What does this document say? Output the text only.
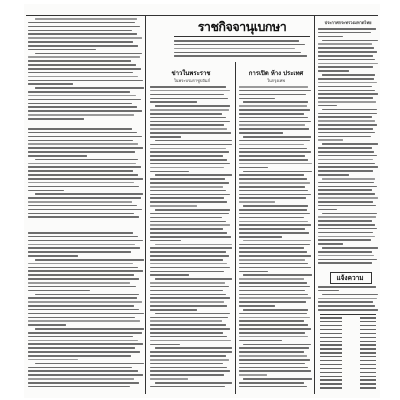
ราชกิจจานุเบกษา
ข่าวในพระราช
ในพระบรมราชูปถัมภ์
การเปิด ห้าง ประเทศ
ในกรุงเทพ
ประกาศกระทรวงมหาดไทย
แจ้งความ
